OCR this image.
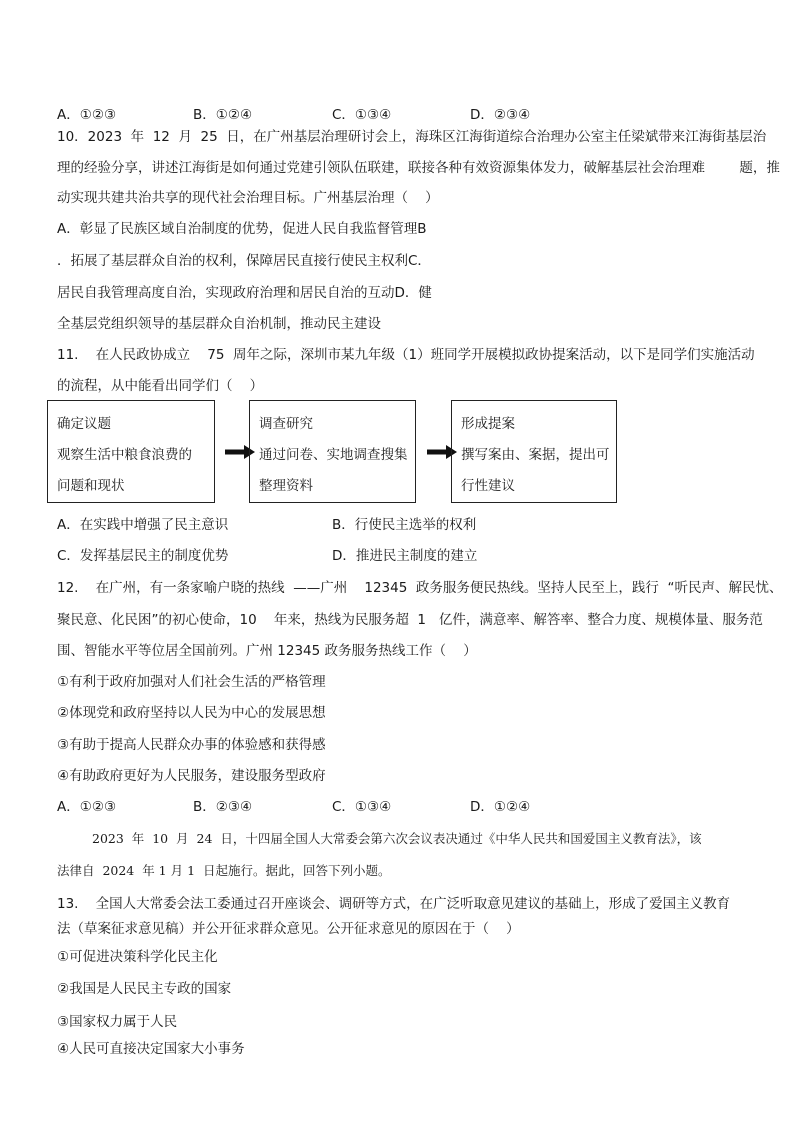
A．①②③	B．①②④	C．①③④	D．②③④
10．2023  年  12  月  25  日，在广州基层治理研讨会上，海珠区江海街道综合治理办公室主任梁斌带来江海街基层治
理的经验分享，讲述江海街是如何通过党建引领队伍联建，联接各种有效资源集体发力，破解基层社会治理难        题，推
动实现共建共治共享的现代社会治理目标。广州基层治理（    ）
A．彰显了民族区域自治制度的优势，促进人民自我监督管理B
．拓展了基层群众自治的权利，保障居民直接行使民主权利C．
居民自我管理高度自治，实现政府治理和居民自治的互动D．健
全基层党组织领导的基层群众自治机制，推动民主建设
11.    在人民政协成立    75  周年之际，深圳市某九年级（1）班同学开展模拟政协提案活动，以下是同学们实施活动
的流程，从中能看出同学们（    ）
确定议题
观察生活中粮食浪费的
问题和现状
调查研究
通过问卷、实地调查搜集
整理资料
形成提案
撰写案由、案据，提出可
行性建议
A．在实践中增强了民主意识	B．行使民主选举的权利
C．发挥基层民主的制度优势	D．推进民主制度的建立
12.    在广州，有一条家喻户晓的热线  ——广州    12345  政务服务便民热线。坚持人民至上，践行  “听民声、解民忧、
聚民意、化民困”的初心使命，10    年来，热线为民服务超  1   亿件，满意率、解答率、整合力度、规模体量、服务范
围、智能水平等位居全国前列。广州 12345 政务服务热线工作（    ）
①有利于政府加强对人们社会生活的严格管理
②体现党和政府坚持以人民为中心的发展思想
③有助于提高人民群众办事的体验感和获得感
④有助政府更好为人民服务，建设服务型政府
A．①②③	B．②③④	C．①③④	D．①②④
2023  年  10  月  24  日，十四届全国人大常委会第六次会议表决通过《中华人民共和国爱国主义教育法》，该
法律自  2024  年 1 月 1  日起施行。据此，回答下列小题。
13.    全国人大常委会法工委通过召开座谈会、调研等方式，在广泛听取意见建议的基础上，形成了爱国主义教育
法（草案征求意见稿）并公开征求群众意见。公开征求意见的原因在于（    ）
①可促进决策科学化民主化
②我国是人民民主专政的国家
③国家权力属于人民
④人民可直接决定国家大小事务
